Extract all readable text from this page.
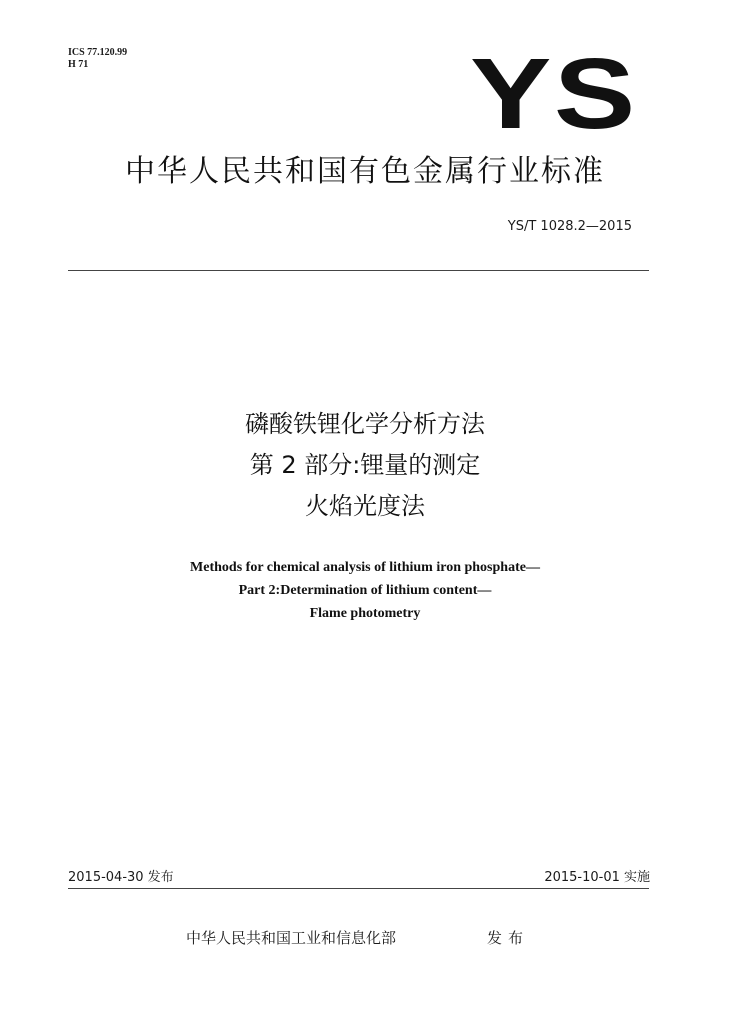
ICS 77.120.99
H 71	YS
中华人民共和国有色金属行业标准
YS/T 1028.2—2015
磷酸铁锂化学分析方法
第 2 部分:锂量的测定
火焰光度法
Methods for chemical analysis of lithium iron phosphate—
Part 2:Determination of lithium content—
Flame photometry
2015-04-30 发布	2015-10-01 实施
中华人民共和国工业和信息化部	发布
